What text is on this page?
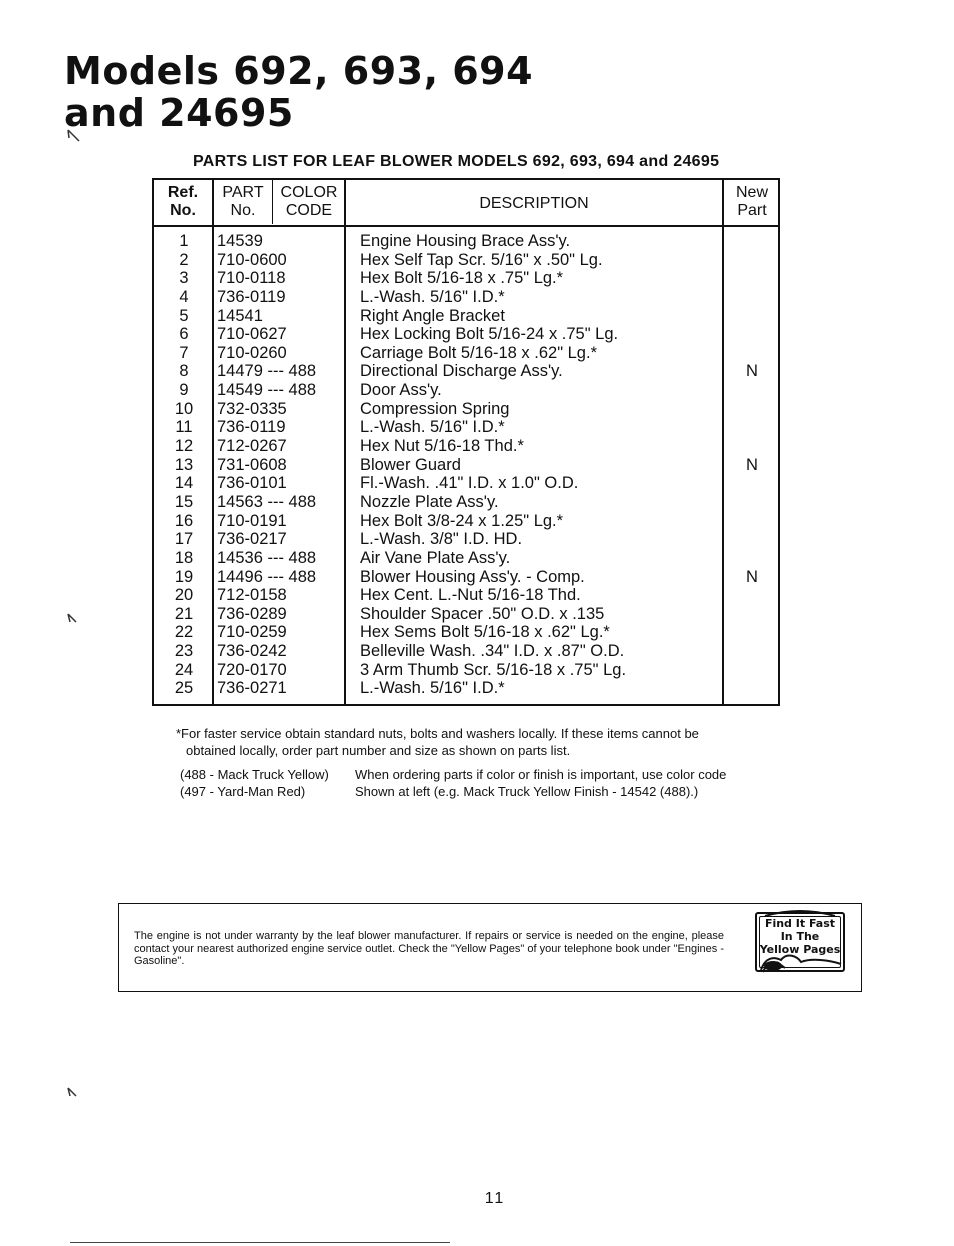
Models 692, 693, 694
and 24695
PARTS LIST FOR LEAF BLOWER MODELS 692, 693, 694 and 24695
Ref.
No.
PART
No.
COLOR
CODE	DESCRIPTION
New
Part
1
2
3
4
5
6
7
8
9
10
11
12
13
14
15
16
17
18
19
20
21
22
23
24
25
14539
710-0600
710-0118
736-0119
14541
710-0627
710-0260
14479 --- 488
14549 --- 488
732-0335
736-0119
712-0267
731-0608
736-0101
14563 --- 488
710-0191
736-0217
14536 --- 488
14496 --- 488
712-0158
736-0289
710-0259
736-0242
720-0170
736-0271
Engine Housing Brace Ass'y.
Hex Self Tap Scr. 5/16" x .50" Lg.
Hex Bolt 5/16-18 x .75" Lg.*
L.-Wash. 5/16" I.D.*
Right Angle Bracket
Hex Locking Bolt 5/16-24 x .75" Lg.
Carriage Bolt 5/16-18 x .62" Lg.*
Directional Discharge Ass'y.
Door Ass'y.
Compression Spring
L.-Wash. 5/16" I.D.*
Hex Nut 5/16-18 Thd.*
Blower Guard
Fl.-Wash. .41" I.D. x 1.0" O.D.
Nozzle Plate Ass'y.
Hex Bolt 3/8-24 x 1.25" Lg.*
L.-Wash. 3/8" I.D. HD.
Air Vane Plate Ass'y.
Blower Housing Ass'y. - Comp.
Hex Cent. L.-Nut 5/16-18 Thd.
Shoulder Spacer .50" O.D. x .135
Hex Sems Bolt 5/16-18 x .62" Lg.*
Belleville Wash. .34" I.D. x .87" O.D.
3 Arm Thumb Scr. 5/16-18 x .75" Lg.
L.-Wash. 5/16" I.D.*
N
N
N
*For faster service obtain standard nuts, bolts and washers locally. If these items cannot be
obtained locally, order part number and size as shown on parts list.
(488 - Mack Truck Yellow) When ordering parts if color or finish is important, use color code
(497 - Yard-Man Red)	Shown at left (e.g. Mack Truck Yellow Finish - 14542 (488).)
The engine is not under warranty by the leaf blower manufacturer. If repairs or service is needed on the engine, please contact your nearest authorized engine service outlet. Check the "Yellow Pages" of your telephone book under "Engines - Gasoline".
Find It Fast
In The
Yellow Pages
11
